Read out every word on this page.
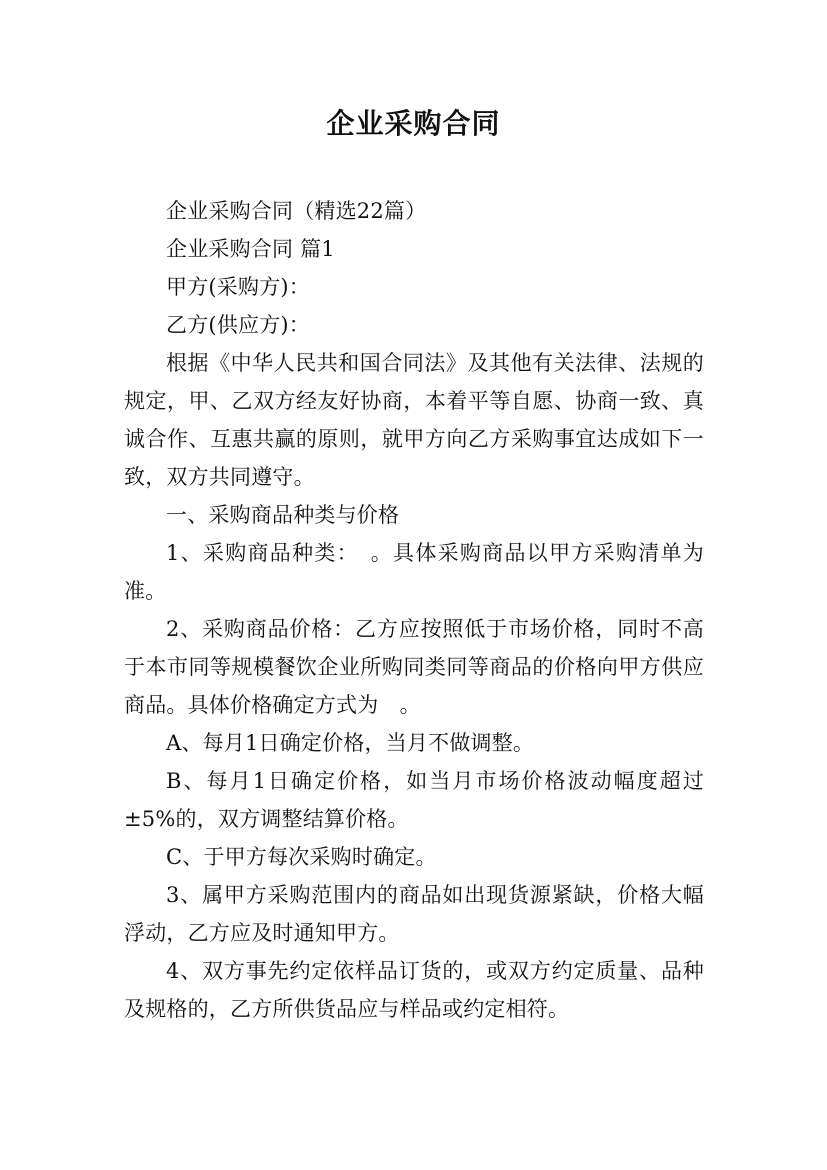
企业采购合同

企业采购合同（精选22篇）

企业采购合同 篇1

甲方(采购方)：

乙方(供应方)：

根据《中华人民共和国合同法》及其他有关法律、法规的规定，甲、乙双方经友好协商，本着平等自愿、协商一致、真诚合作、互惠共赢的原则，就甲方向乙方采购事宜达成如下一致，双方共同遵守。

一、采购商品种类与价格

1、采购商品种类：　。具体采购商品以甲方采购清单为准。

2、采购商品价格：乙方应按照低于市场价格，同时不高于本市同等规模餐饮企业所购同类同等商品的价格向甲方供应商品。具体价格确定方式为　。

A、每月1日确定价格，当月不做调整。

B、每月1日确定价格，如当月市场价格波动幅度超过±5%的，双方调整结算价格。

C、于甲方每次采购时确定。

3、属甲方采购范围内的商品如出现货源紧缺，价格大幅浮动，乙方应及时通知甲方。

4、双方事先约定依样品订货的，或双方约定质量、品种及规格的，乙方所供货品应与样品或约定相符。
